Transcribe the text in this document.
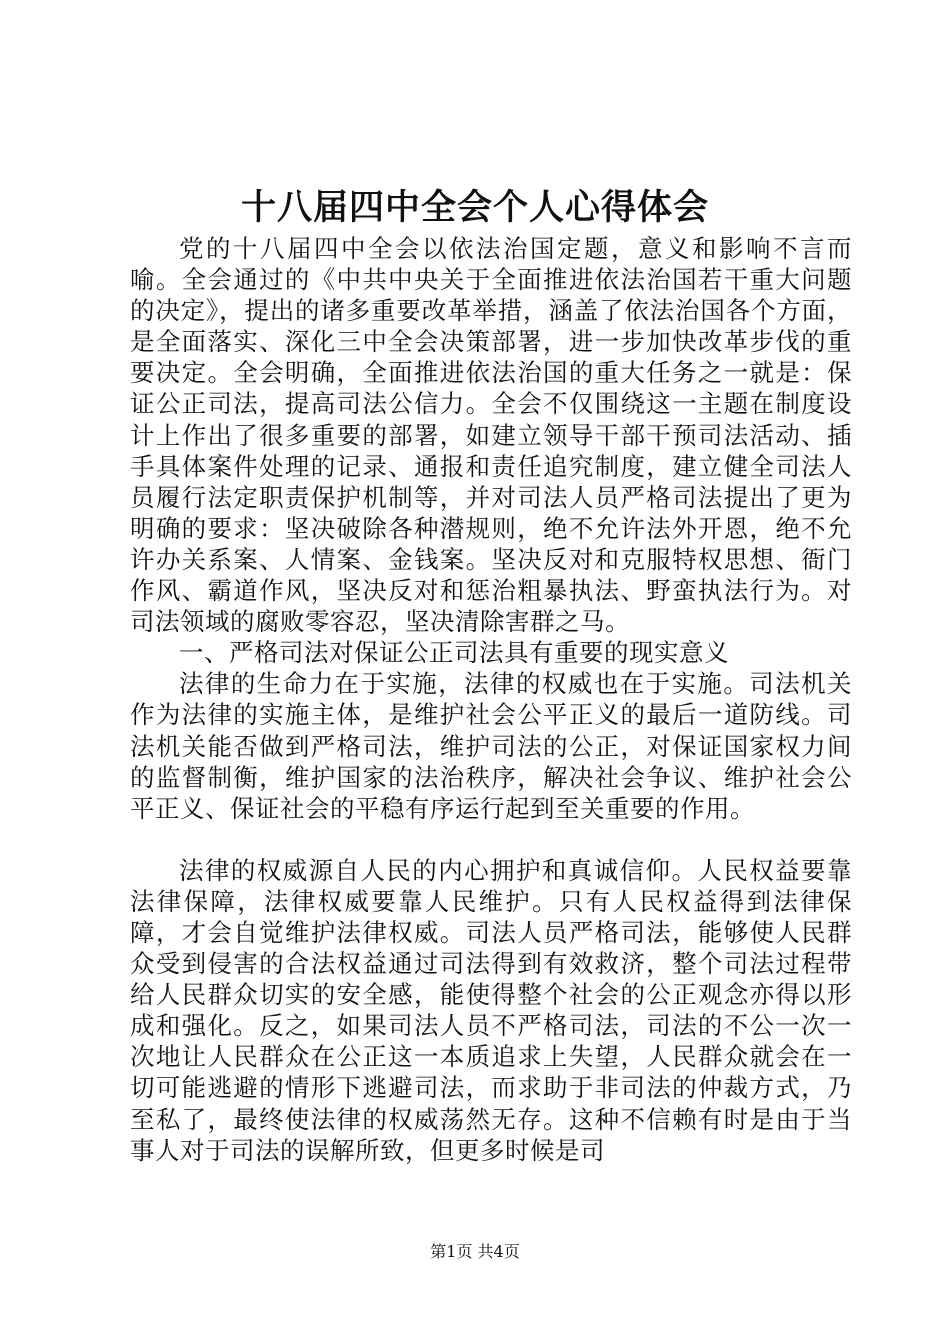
十八届四中全会个人心得体会

党的十八届四中全会以依法治国定题，意义和影响不言而喻。全会通过的《中共中央关于全面推进依法治国若干重大问题的决定》，提出的诸多重要改革举措，涵盖了依法治国各个方面，是全面落实、深化三中全会决策部署，进一步加快改革步伐的重要决定。全会明确，全面推进依法治国的重大任务之一就是：保证公正司法，提高司法公信力。全会不仅围绕这一主题在制度设计上作出了很多重要的部署，如建立领导干部干预司法活动、插手具体案件处理的记录、通报和责任追究制度，建立健全司法人员履行法定职责保护机制等，并对司法人员严格司法提出了更为明确的要求：坚决破除各种潜规则，绝不允许法外开恩，绝不允许办关系案、人情案、金钱案。坚决反对和克服特权思想、衙门作风、霸道作风，坚决反对和惩治粗暴执法、野蛮执法行为。对司法领域的腐败零容忍，坚决清除害群之马。

一、严格司法对保证公正司法具有重要的现实意义

法律的生命力在于实施，法律的权威也在于实施。司法机关作为法律的实施主体，是维护社会公平正义的最后一道防线。司法机关能否做到严格司法，维护司法的公正，对保证国家权力间的监督制衡，维护国家的法治秩序，解决社会争议、维护社会公平正义、保证社会的平稳有序运行起到至关重要的作用。

法律的权威源自人民的内心拥护和真诚信仰。人民权益要靠法律保障，法律权威要靠人民维护。只有人民权益得到法律保障，才会自觉维护法律权威。司法人员严格司法，能够使人民群众受到侵害的合法权益通过司法得到有效救济，整个司法过程带给人民群众切实的安全感，能使得整个社会的公正观念亦得以形成和强化。反之，如果司法人员不严格司法，司法的不公一次一次地让人民群众在公正这一本质追求上失望，人民群众就会在一切可能逃避的情形下逃避司法，而求助于非司法的仲裁方式，乃至私了，最终使法律的权威荡然无存。这种不信赖有时是由于当事人对于司法的误解所致，但更多时候是司

第1页 共4页
